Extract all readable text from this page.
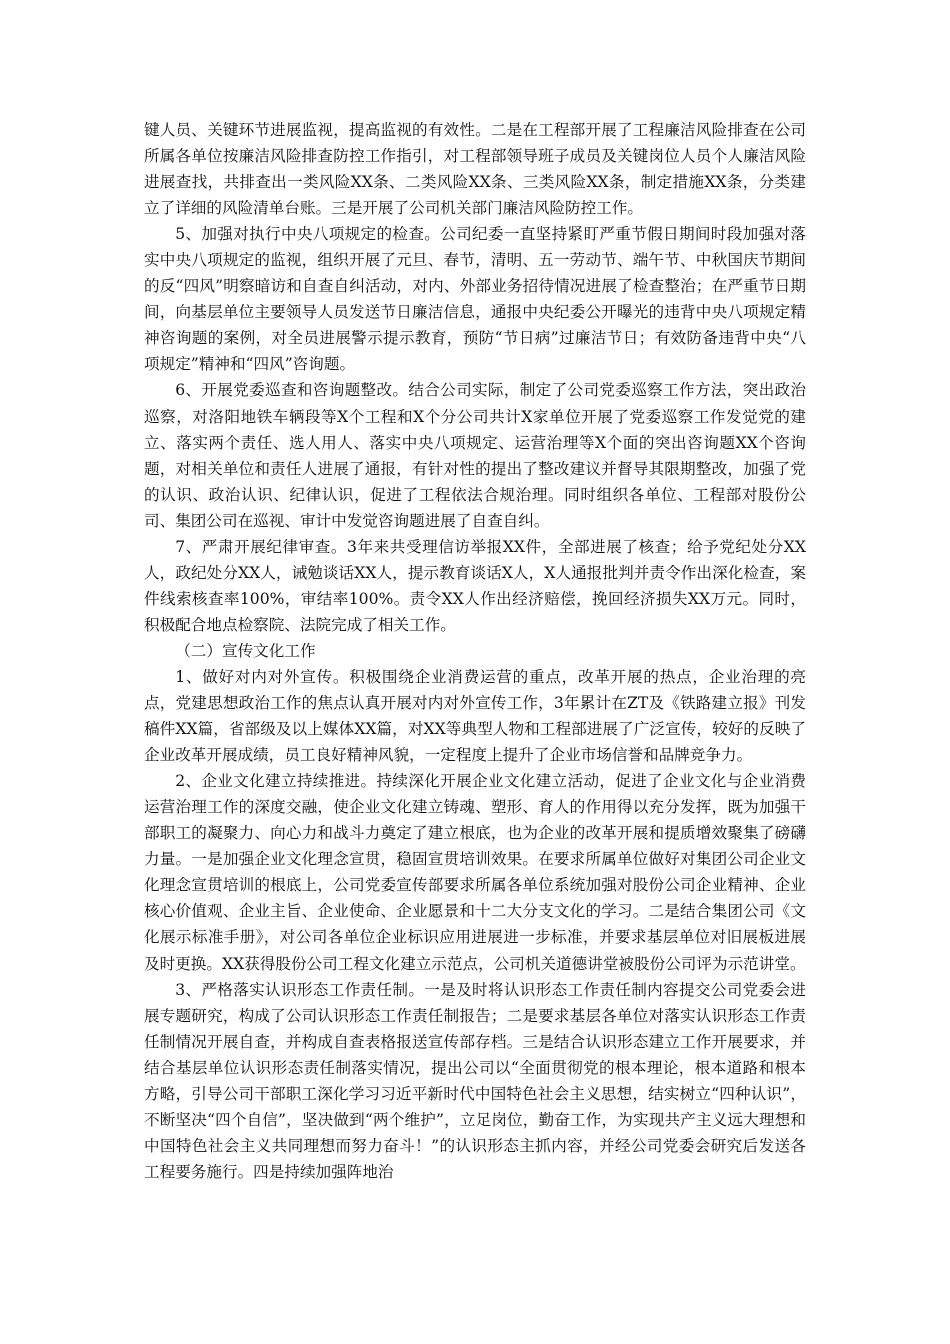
键人员、关键环节进展监视，提高监视的有效性。二是在工程部开展了工程廉洁风险排查在公司所属各单位按廉洁风险排查防控工作指引，对工程部领导班子成员及关键岗位人员个人廉洁风险进展查找，共排查出一类风险XX条、二类风险XX条、三类风险XX条，制定措施XX条，分类建立了详细的风险清单台账。三是开展了公司机关部门廉洁风险防控工作。

5、加强对执行中央八项规定的检查。公司纪委一直坚持紧盯严重节假日期间时段加强对落实中央八项规定的监视，组织开展了元旦、春节，清明、五一劳动节、端午节、中秋国庆节期间的反“四风”明察暗访和自查自纠活动，对内、外部业务招待情况进展了检查整治；在严重节日期间，向基层单位主要领导人员发送节日廉洁信息，通报中央纪委公开曝光的违背中央八项规定精神咨询题的案例，对全员进展警示提示教育，预防“节日病”过廉洁节日；有效防备违背中央“八项规定”精神和“四风”咨询题。

6、开展党委巡查和咨询题整改。结合公司实际，制定了公司党委巡察工作方法，突出政治巡察，对洛阳地铁车辆段等X个工程和X个分公司共计X家单位开展了党委巡察工作发觉党的建立、落实两个责任、选人用人、落实中央八项规定、运营治理等X个面的突出咨询题XX个咨询题，对相关单位和责任人进展了通报，有针对性的提出了整改建议并督导其限期整改，加强了党的认识、政治认识、纪律认识，促进了工程依法合规治理。同时组织各单位、工程部对股份公司、集团公司在巡视、审计中发觉咨询题进展了自查自纠。

7、严肃开展纪律审查。3年来共受理信访举报XX件，全部进展了核查；给予党纪处分XX人，政纪处分XX人，诫勉谈话XX人，提示教育谈话X人，X人通报批判并责令作出深化检查，案件线索核查率100%，审结率100%。责令XX人作出经济赔偿，挽回经济损失XX万元。同时，积极配合地点检察院、法院完成了相关工作。

（二）宣传文化工作

1、做好对内对外宣传。积极围绕企业消费运营的重点，改革开展的热点，企业治理的亮点，党建思想政治工作的焦点认真开展对内对外宣传工作，3年累计在ZT及《铁路建立报》刊发稿件XX篇，省部级及以上媒体XX篇，对XX等典型人物和工程部进展了广泛宣传，较好的反映了企业改革开展成绩，员工良好精神风貌，一定程度上提升了企业市场信誉和品牌竞争力。

2、企业文化建立持续推进。持续深化开展企业文化建立活动，促进了企业文化与企业消费运营治理工作的深度交融，使企业文化建立铸魂、塑形、育人的作用得以充分发挥，既为加强干部职工的凝聚力、向心力和战斗力奠定了建立根底，也为企业的改革开展和提质增效聚集了磅礴力量。一是加强企业文化理念宣贯，稳固宣贯培训效果。在要求所属单位做好对集团公司企业文化理念宣贯培训的根底上，公司党委宣传部要求所属各单位系统加强对股份公司企业精神、企业核心价值观、企业主旨、企业使命、企业愿景和十二大分支文化的学习。二是结合集团公司《文化展示标准手册》，对公司各单位企业标识应用进展进一步标准，并要求基层单位对旧展板进展及时更换。XX获得股份公司工程文化建立示范点，公司机关道德讲堂被股份公司评为示范讲堂。

3、严格落实认识形态工作责任制。一是及时将认识形态工作责任制内容提交公司党委会进展专题研究，构成了公司认识形态工作责任制报告；二是要求基层各单位对落实认识形态工作责任制情况开展自查，并构成自查表格报送宣传部存档。三是结合认识形态建立工作开展要求，并结合基层单位认识形态责任制落实情况，提出公司以“全面贯彻党的根本理论，根本道路和根本方略，引导公司干部职工深化学习习近平新时代中国特色社会主义思想，结实树立“四种认识”，不断坚决“四个自信”，坚决做到“两个维护”，立足岗位，勤奋工作，为实现共产主义远大理想和中国特色社会主义共同理想而努力奋斗！”的认识形态主抓内容，并经公司党委会研究后发送各工程要务施行。四是持续加强阵地治
